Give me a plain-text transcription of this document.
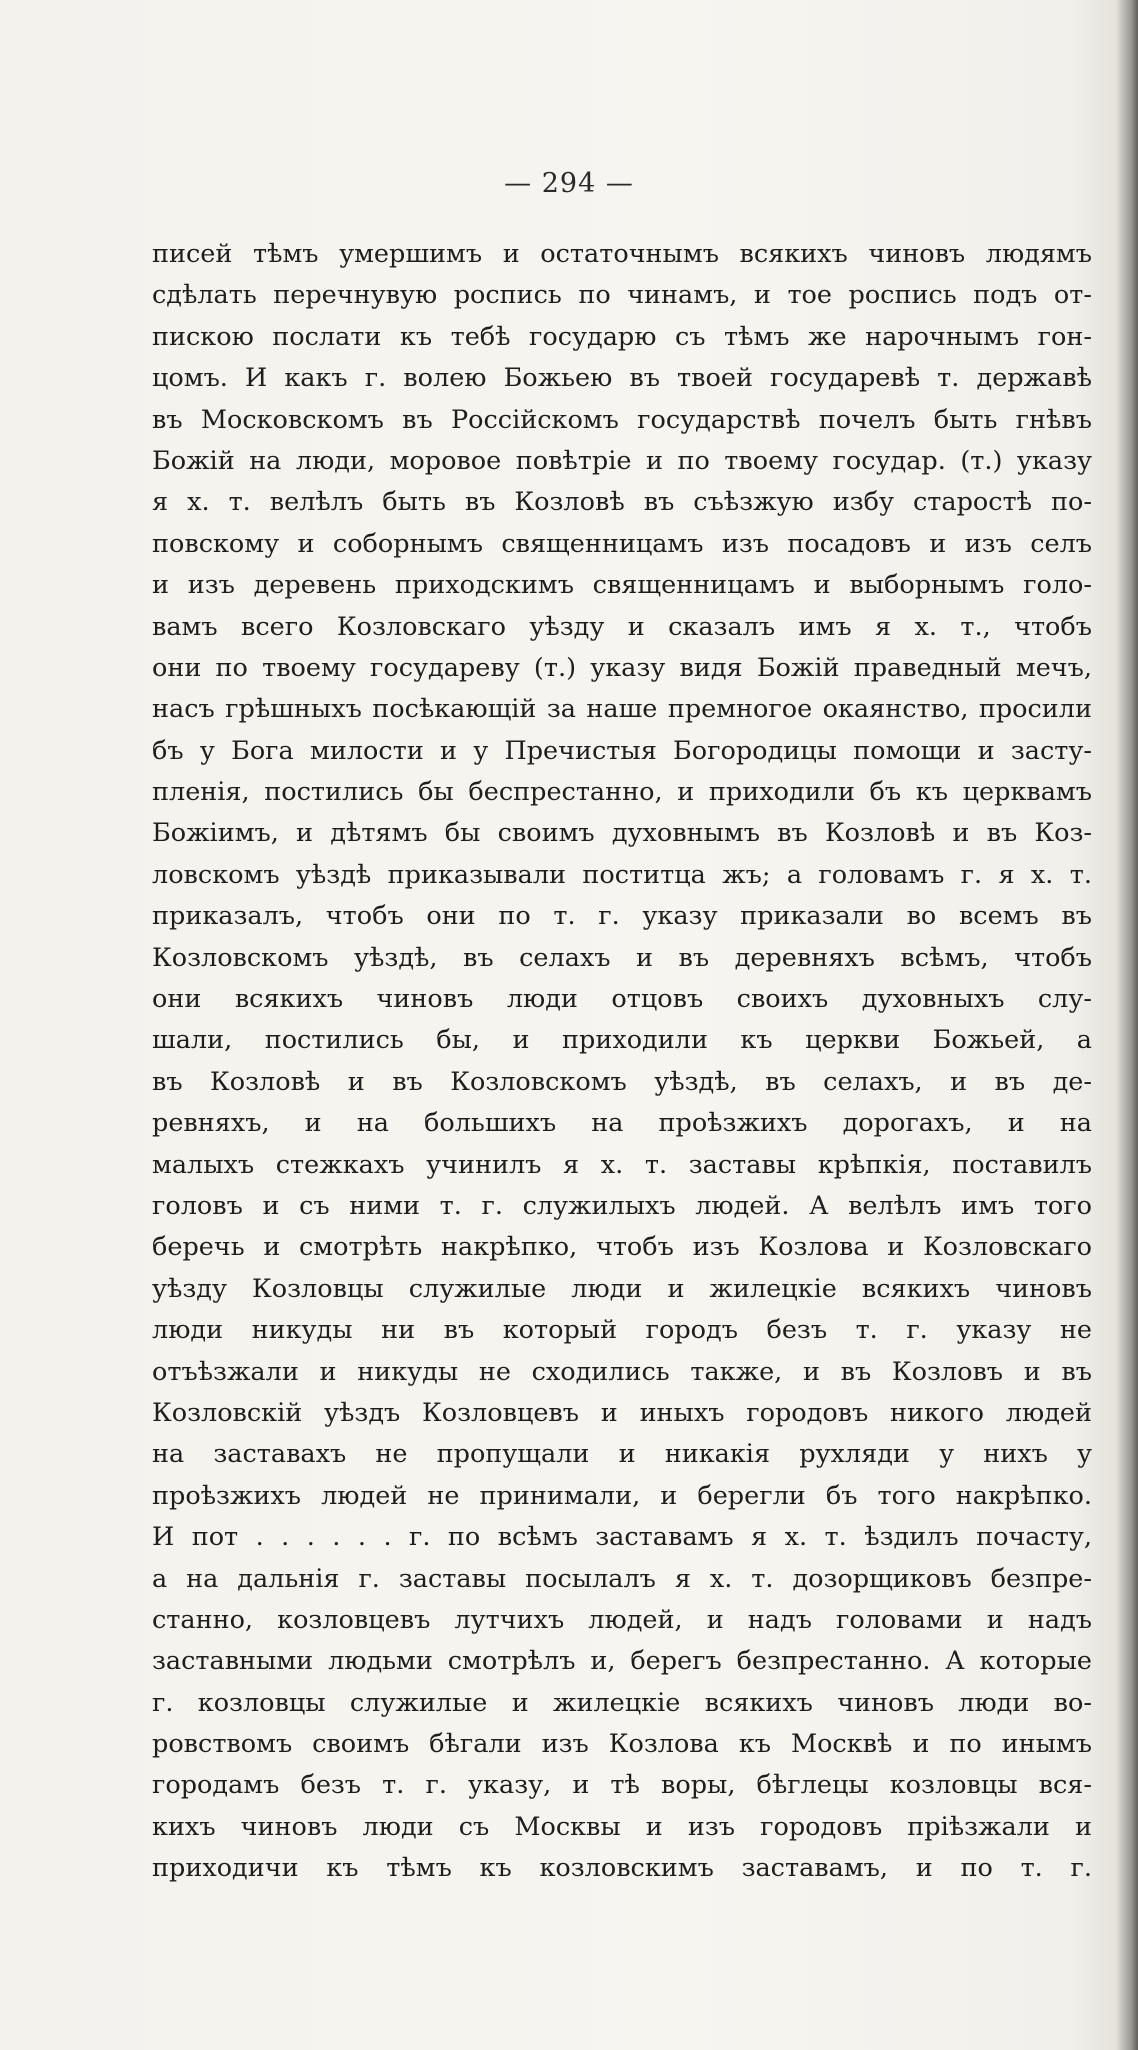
— 294 —
писей тѣмъ умершимъ и остаточнымъ всякихъ чиновъ людямъ
сдѣлать перечнувую роспись по чинамъ, и тое роспись подъ от-
пискою послати къ тебѣ государю съ тѣмъ же нарочнымъ гон-
цомъ. И какъ г. волею Божьею въ твоей государевѣ т. державѣ
въ Московскомъ въ Россійскомъ государствѣ почелъ быть гнѣвъ
Божій на люди, моровое повѣтріе и по твоему государ. (т.) указу
я х. т. велѣлъ быть въ Козловѣ въ съѣзжую избу старостѣ по-
повскому и соборнымъ священницамъ изъ посадовъ и изъ селъ
и изъ деревень приходскимъ священницамъ и выборнымъ голо-
вамъ всего Козловскаго уѣзду и сказалъ имъ я х. т., чтобъ
они по твоему государеву (т.) указу видя Божій праведный мечъ,
насъ грѣшныхъ посѣкающій за наше премногое окаянство, просили
бъ у Бога милости и у Пречистыя Богородицы помощи и засту-
пленія, постились бы беспрестанно, и приходили бъ къ церквамъ
Божіимъ, и дѣтямъ бы своимъ духовнымъ въ Козловѣ и въ Коз-
ловскомъ уѣздѣ приказывали поститца жъ; а головамъ г. я х. т.
приказалъ, чтобъ они по т. г. указу приказали во всемъ въ
Козловскомъ уѣздѣ, въ селахъ и въ деревняхъ всѣмъ, чтобъ
они всякихъ чиновъ люди отцовъ своихъ духовныхъ слу-
шали, постились бы, и приходили къ церкви Божьей, а
въ Козловѣ и въ Козловскомъ уѣздѣ, въ селахъ, и въ де-
ревняхъ, и на большихъ на проѣзжихъ дорогахъ, и на
малыхъ стежкахъ учинилъ я х. т. заставы крѣпкія, поставилъ
головъ и съ ними т. г. служилыхъ людей. А велѣлъ имъ того
беречь и смотрѣть накрѣпко, чтобъ изъ Козлова и Козловскаго
уѣзду Козловцы служилые люди и жилецкіе всякихъ чиновъ
люди никуды ни въ который городъ безъ т. г. указу не
отъѣзжали и никуды не сходились также, и въ Козловъ и въ
Козловскій уѣздъ Козловцевъ и иныхъ городовъ никого людей
на заставахъ не пропущали и никакія рухляди у нихъ у
проѣзжихъ людей не принимали, и берегли бъ того накрѣпко.
И пот . . . . . . г. по всѣмъ заставамъ я х. т. ѣздилъ почасту,
а на дальнія г. заставы посылалъ я х. т. дозорщиковъ безпре-
станно, козловцевъ лутчихъ людей, и надъ головами и надъ
заставными людьми смотрѣлъ и, берегъ безпрестанно. А которые
г. козловцы служилые и жилецкіе всякихъ чиновъ люди во-
ровствомъ своимъ бѣгали изъ Козлова къ Москвѣ и по инымъ
городамъ безъ т. г. указу, и тѣ воры, бѣглецы козловцы вся-
кихъ чиновъ люди съ Москвы и изъ городовъ пріѣзжали и
приходичи къ тѣмъ къ козловскимъ заставамъ, и по т. г.
